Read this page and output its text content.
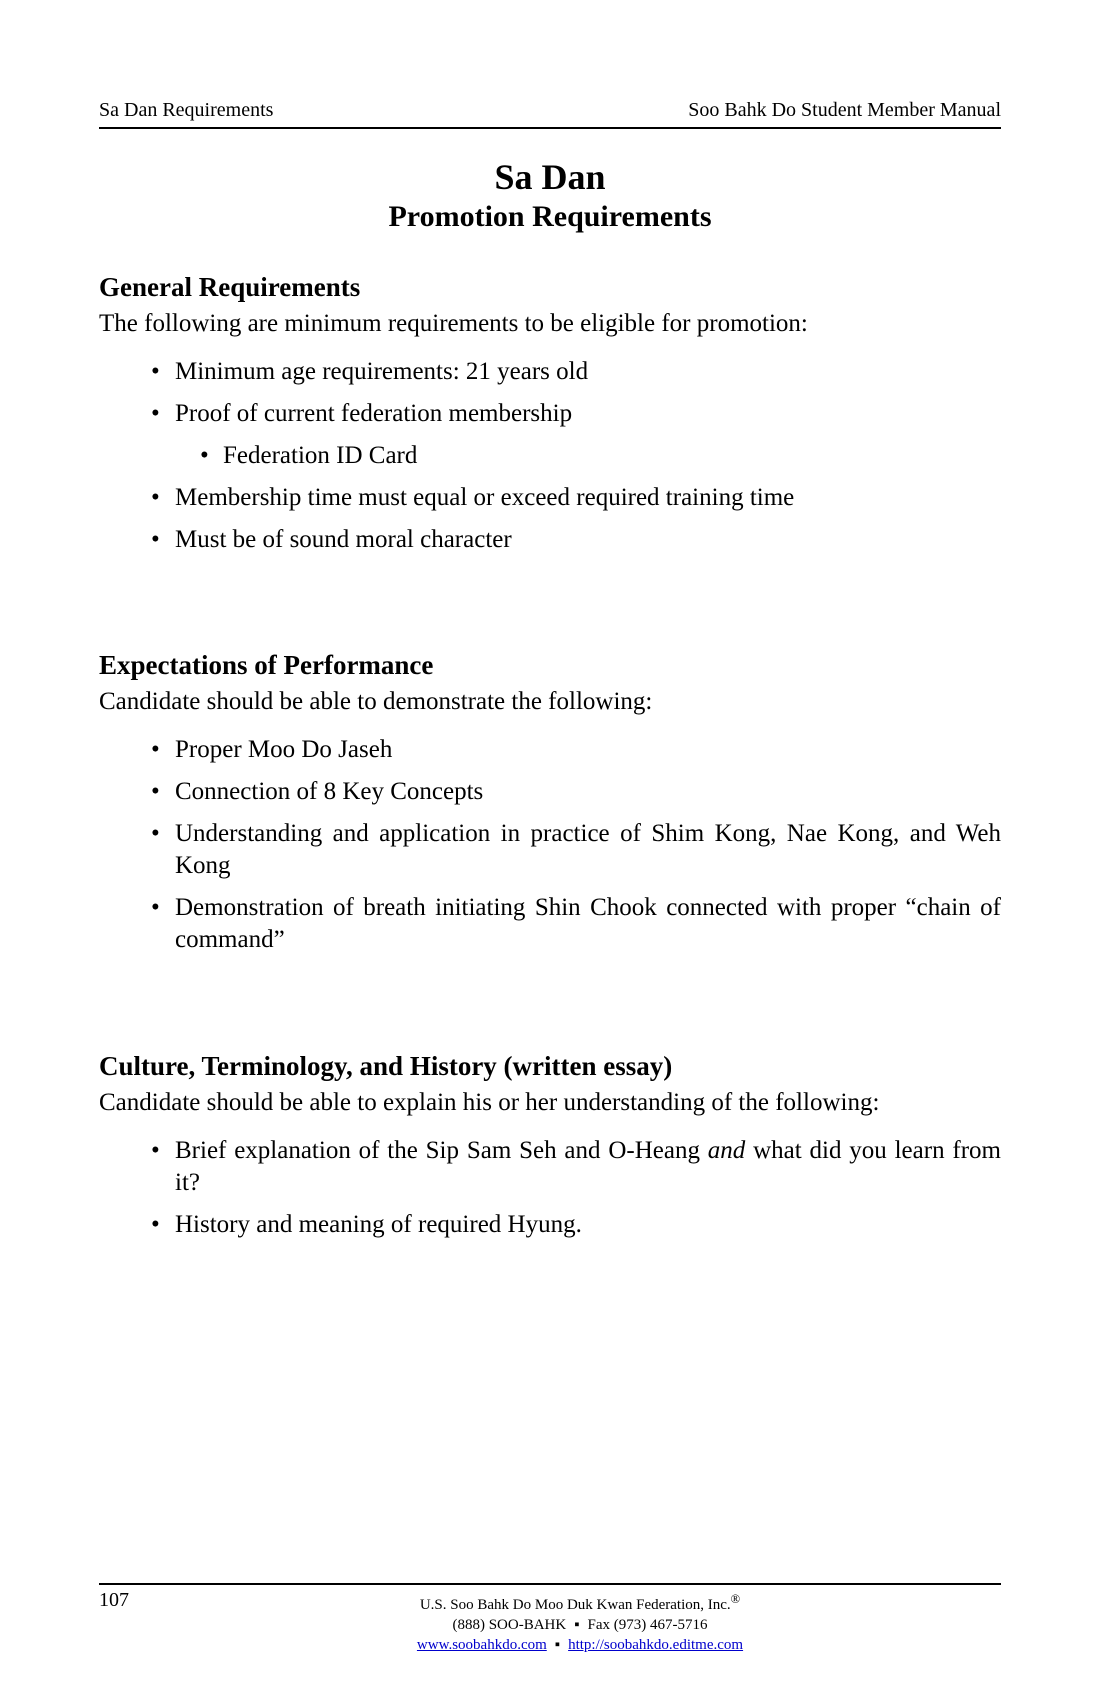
Sa Dan Requirements	Soo Bahk Do Student Member Manual
Sa Dan
Promotion Requirements
General Requirements

The following are minimum requirements to be eligible for promotion:

• Minimum age requirements: 21 years old
• Proof of current federation membership
• Federation ID Card
• Membership time must equal or exceed required training time
• Must be of sound moral character
Expectations of Performance

Candidate should be able to demonstrate the following:

• Proper Moo Do Jaseh
• Connection of 8 Key Concepts
• Understanding and application in practice of Shim Kong, Nae Kong, and Weh Kong
• Demonstration of breath initiating Shin Chook connected with proper “chain of command”
Culture, Terminology, and History (written essay)

Candidate should be able to explain his or her understanding of the following:

• Brief explanation of the Sip Sam Seh and O-Heang and what did you learn from it?
• History and meaning of required Hyung.
107	U.S. Soo Bahk Do Moo Duk Kwan Federation, Inc.®
(888) SOO-BAHK ▪ Fax (973) 467-5716
www.soobahkdo.com ▪ http://soobahkdo.editme.com
